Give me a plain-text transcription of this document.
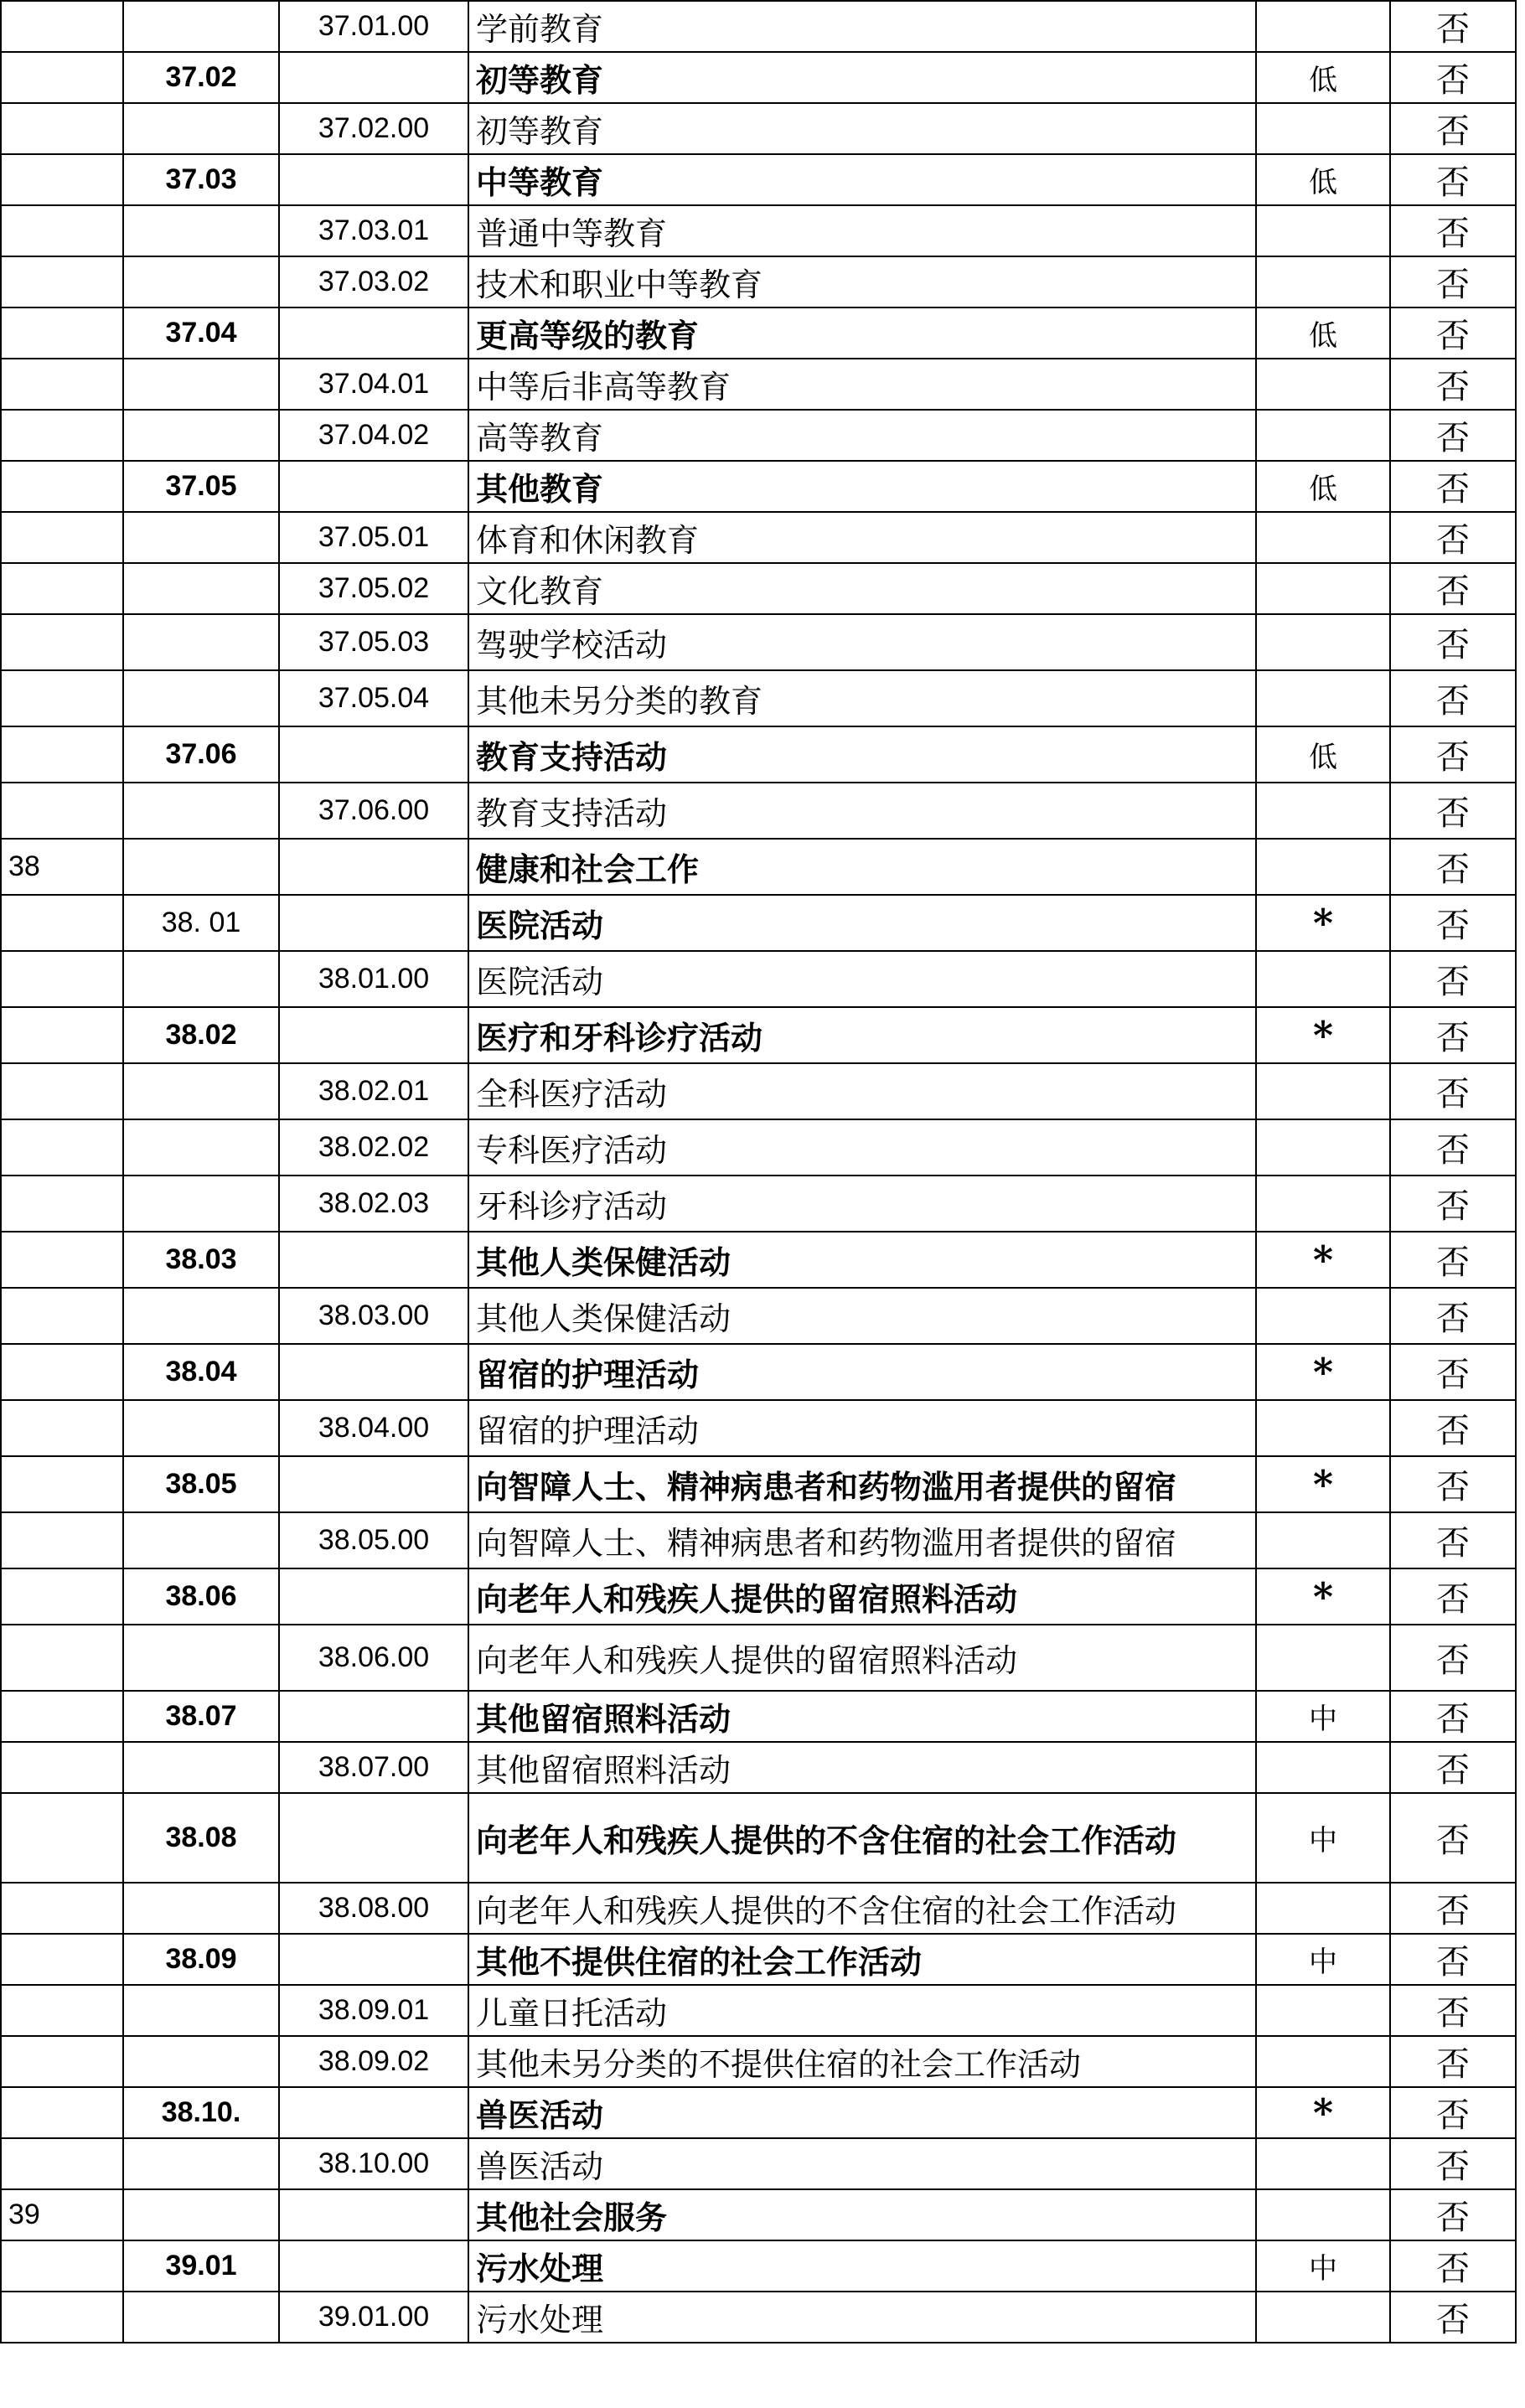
		37.01.00	学前教育		否
	37.02		初等教育	低	否
		37.02.00	初等教育		否
	37.03		中等教育	低	否
		37.03.01	普通中等教育		否
		37.03.02	技术和职业中等教育		否
	37.04		更高等级的教育	低	否
		37.04.01	中等后非高等教育		否
		37.04.02	高等教育		否
	37.05		其他教育	低	否
		37.05.01	体育和休闲教育		否
		37.05.02	文化教育		否
		37.05.03	驾驶学校活动		否
		37.05.04	其他未另分类的教育		否
	37.06		教育支持活动	低	否
		37.06.00	教育支持活动		否
38			健康和社会工作		否
	38. 01		医院活动	*	否
		38.01.00	医院活动		否
	38.02		医疗和牙科诊疗活动	*	否
		38.02.01	全科医疗活动		否
		38.02.02	专科医疗活动		否
		38.02.03	牙科诊疗活动		否
	38.03		其他人类保健活动	*	否
		38.03.00	其他人类保健活动		否
	38.04		留宿的护理活动	*	否
		38.04.00	留宿的护理活动		否
	38.05		向智障人士、精神病患者和药物滥用者提供的留宿	*	否
		38.05.00	向智障人士、精神病患者和药物滥用者提供的留宿		否
	38.06		向老年人和残疾人提供的留宿照料活动	*	否
		38.06.00	向老年人和残疾人提供的留宿照料活动		否
	38.07		其他留宿照料活动	中	否
		38.07.00	其他留宿照料活动		否
	38.08		向老年人和残疾人提供的不含住宿的社会工作活动	中	否
		38.08.00	向老年人和残疾人提供的不含住宿的社会工作活动		否
	38.09		其他不提供住宿的社会工作活动	中	否
		38.09.01	儿童日托活动		否
		38.09.02	其他未另分类的不提供住宿的社会工作活动		否
	38.10.		兽医活动	*	否
		38.10.00	兽医活动		否
39			其他社会服务		否
	39.01		污水处理	中	否
		39.01.00	污水处理		否
